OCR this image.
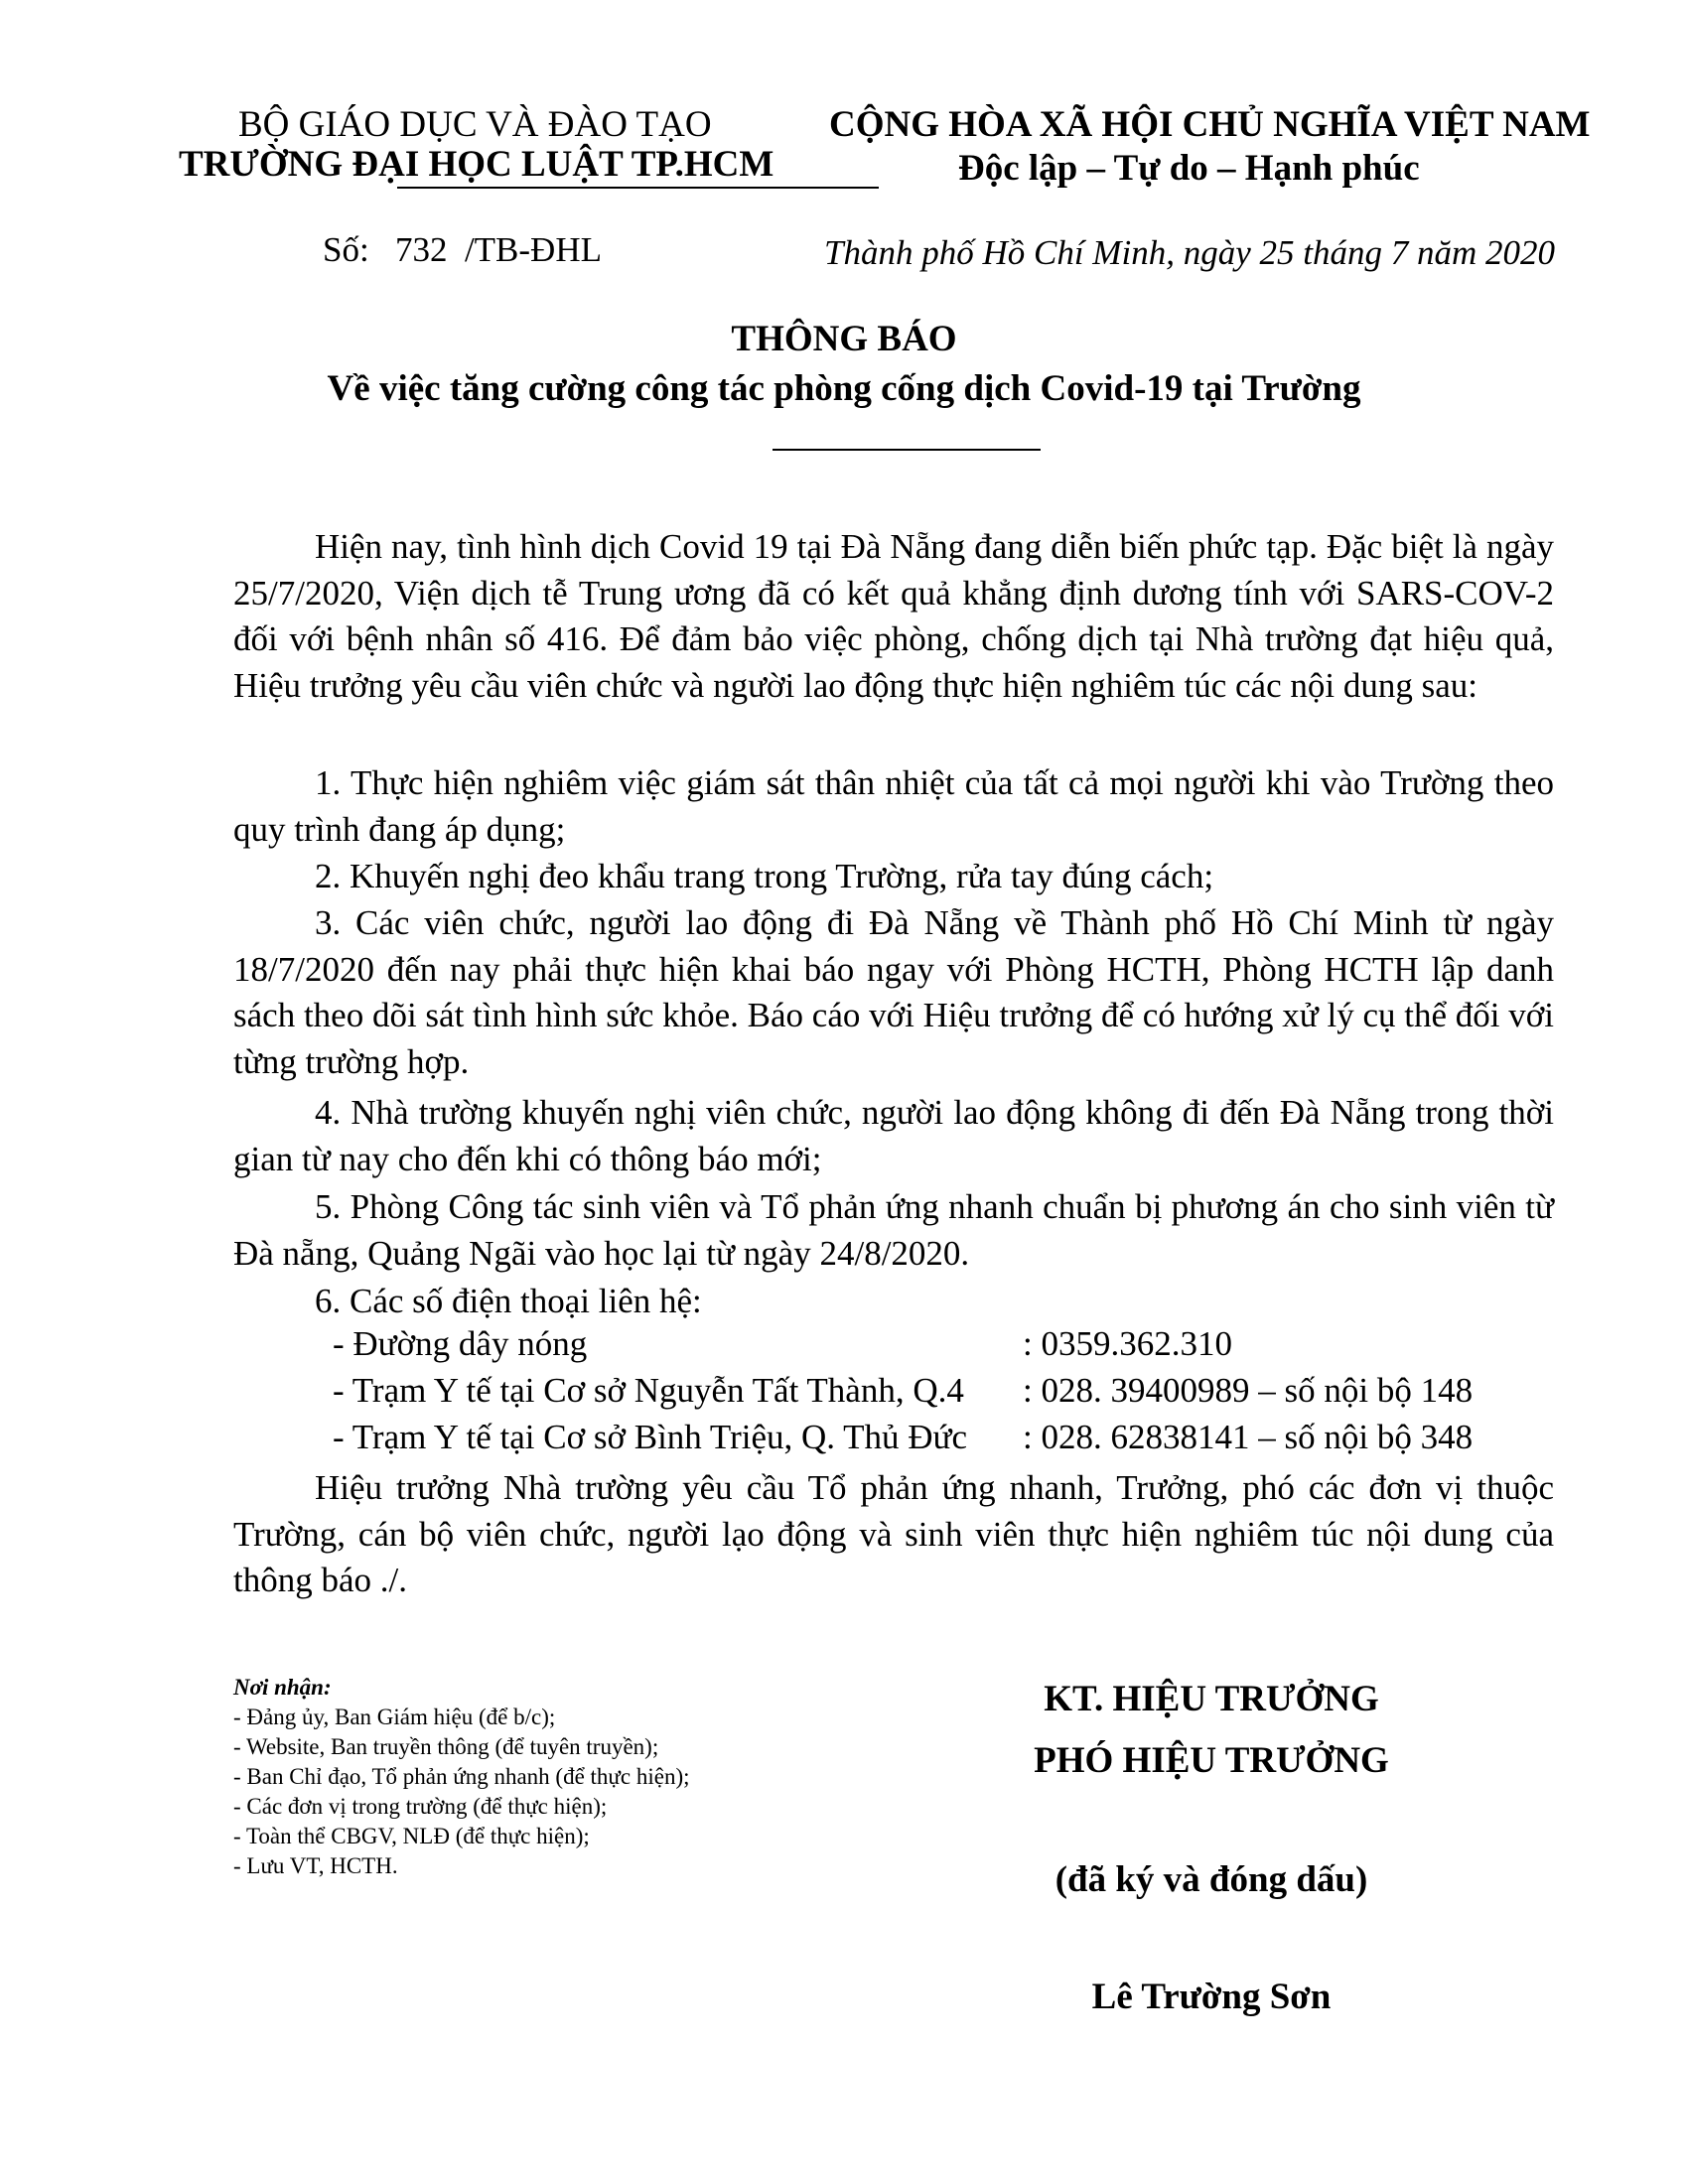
BỘ GIÁO DỤC VÀ ĐÀO TẠO
TRƯỜNG ĐẠI HỌC LUẬT TP.HCM
CỘNG HÒA XÃ HỘI CHỦ NGHĨA VIỆT NAM
Độc lập – Tự do – Hạnh phúc
Số:   732  /TB-ĐHL	Thành phố Hồ Chí Minh, ngày 25 tháng 7 năm 2020
THÔNG BÁO
Về việc tăng cường công tác phòng cống dịch Covid-19 tại Trường
Hiện nay, tình hình dịch Covid 19 tại Đà Nẵng đang diễn biến phức tạp. Đặc biệt là ngày 25/7/2020, Viện dịch tễ Trung ương đã có kết quả khẳng định dương tính với SARS-COV-2 đối với bệnh nhân số 416. Để đảm bảo việc phòng, chống dịch tại Nhà trường đạt hiệu quả, Hiệu trưởng yêu cầu viên chức và người lao động thực hiện nghiêm túc các nội dung sau:
1. Thực hiện nghiêm việc giám sát thân nhiệt của tất cả mọi người khi vào Trường theo quy trình đang áp dụng;
2. Khuyến nghị đeo khẩu trang trong Trường, rửa tay đúng cách;
3. Các viên chức, người lao động đi Đà Nẵng về Thành phố Hồ Chí Minh từ ngày 18/7/2020 đến nay phải thực hiện khai báo ngay với Phòng HCTH, Phòng HCTH lập danh sách theo dõi sát tình hình sức khỏe. Báo cáo với Hiệu trưởng để có hướng xử lý cụ thể đối với từng trường hợp.
4. Nhà trường khuyến nghị viên chức, người lao động không đi đến Đà Nẵng trong thời gian từ nay cho đến khi có thông báo mới;
5. Phòng Công tác sinh viên và Tổ phản ứng nhanh chuẩn bị phương án cho sinh viên từ Đà nẵng, Quảng Ngãi vào học lại từ ngày 24/8/2020.
6. Các số điện thoại liên hệ:
- Đường dây nóng	: 0359.362.310
- Trạm Y tế tại Cơ sở Nguyễn Tất Thành, Q.4 : 028. 39400989 – số nội bộ 148
- Trạm Y tế tại Cơ sở Bình Triệu, Q. Thủ Đức : 028. 62838141 – số nội bộ 348
Hiệu trưởng Nhà trường yêu cầu Tổ phản ứng nhanh, Trưởng, phó các đơn vị thuộc Trường, cán bộ viên chức, người lạo động và sinh viên thực hiện nghiêm túc nội dung của thông báo ./.
Nơi nhận:
- Đảng ủy, Ban Giám hiệu (để b/c);
- Website, Ban truyền thông (để tuyên truyền);
- Ban Chỉ đạo, Tổ phản ứng nhanh (để thực hiện);
- Các đơn vị trong trường (để thực hiện);
- Toàn thể CBGV, NLĐ (để thực hiện);
- Lưu VT, HCTH.
KT. HIỆU TRƯỞNG
PHÓ HIỆU TRƯỞNG
(đã ký và đóng dấu)
Lê Trường Sơn
